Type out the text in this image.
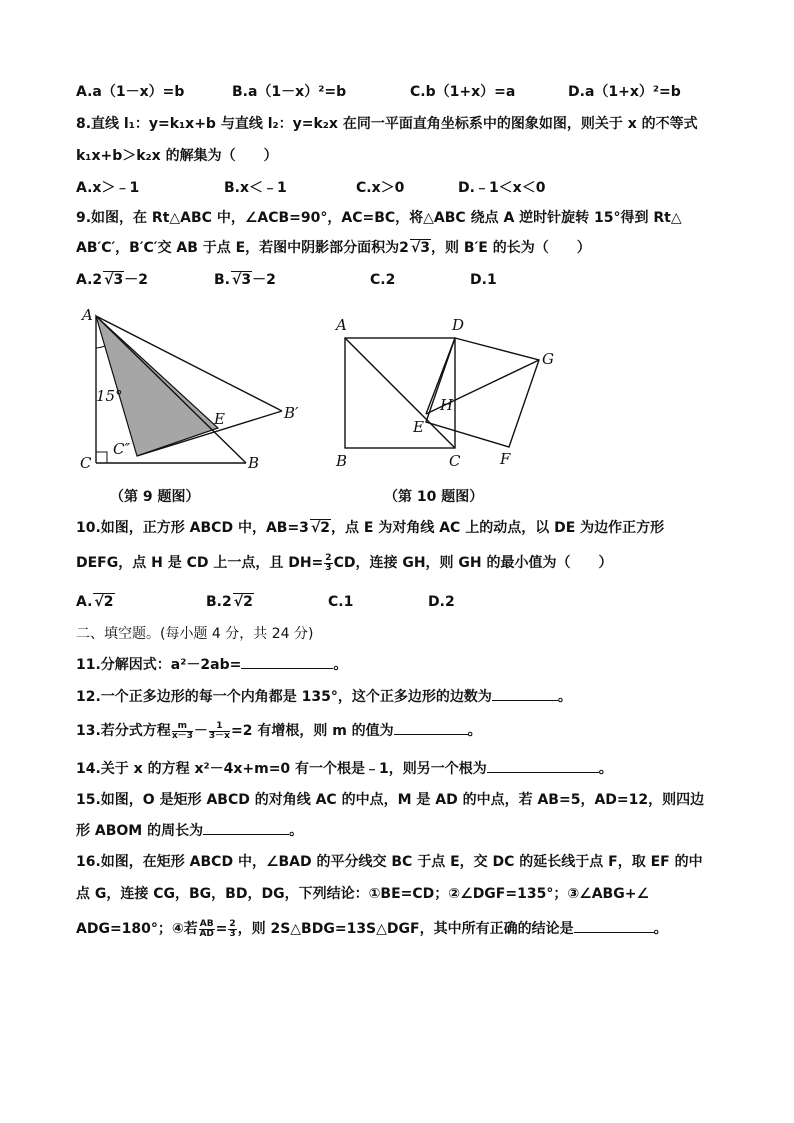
A.a（1－x）=b	B.a（1－x）²=b	C.b（1+x）=a	D.a（1+x）²=b
8.直线 l₁：y=k₁x+b 与直线 l₂：y=k₂x 在同一平面直角坐标系中的图象如图，则关于 x 的不等式
k₁x+b＞k₂x 的解集为（　　）
A.x＞﹣1	B.x＜﹣1	C.x＞0	D.﹣1＜x＜0
9.如图，在 Rt△ABC 中，∠ACB=90°，AC=BC，将△ABC 绕点 A 逆时针旋转 15°得到 Rt△
AB′C′，B′C′交 AB 于点 E，若图中阴影部分面积为2 √3，则 B′E 的长为（　　）
A.2 √3－2	B. √3－2	C.2	D.1
A
C	B
B′
C″
E
15°
A	D
G
H
E
B	C	F
（第 9 题图）	（第 10 题图）
10.如图，正方形 ABCD 中，AB=3 √2，点 E 为对角线 AC 上的动点，以 DE 为边作正方形
DEFG，点 H 是 CD 上一点，且 $DH= \frac{2}{3}$ CD，连接 GH，则 GH 的最小值为（　　）
A. √2	B.2 √2	C.1	D.2
二、填空题。(每小题 4 分，共 24 分)
11.分解因式：a²－2ab=	。
12.一个正多边形的每一个内角都是 135°，这个正多边形的边数为	。
13.若分式方程 $\frac{m}{x-3} - \frac{1}{3-x} =2$ 有增根，则 m 的值为	。
14.关于 x 的方程 x²－4x+m=0 有一个根是﹣1，则另一个根为	。
15.如图，O 是矩形 ABCD 的对角线 AC 的中点，M 是 AD 的中点，若 AB=5，AD=12，则四边
形 ABOM 的周长为	。
16.如图，在矩形 ABCD 中，∠BAD 的平分线交 BC 于点 E，交 DC 的延长线于点 F，取 EF 的中
点 G，连接 CG，BG，BD，DG，下列结论：①BE=CD；②∠DGF=135°；③∠ABG+∠
ADG=180°；④若 $\frac{AB}{AD} = \frac{2}{3}$ ，则 2S△BDG=13S△DGF，其中所有正确的结论是	。
